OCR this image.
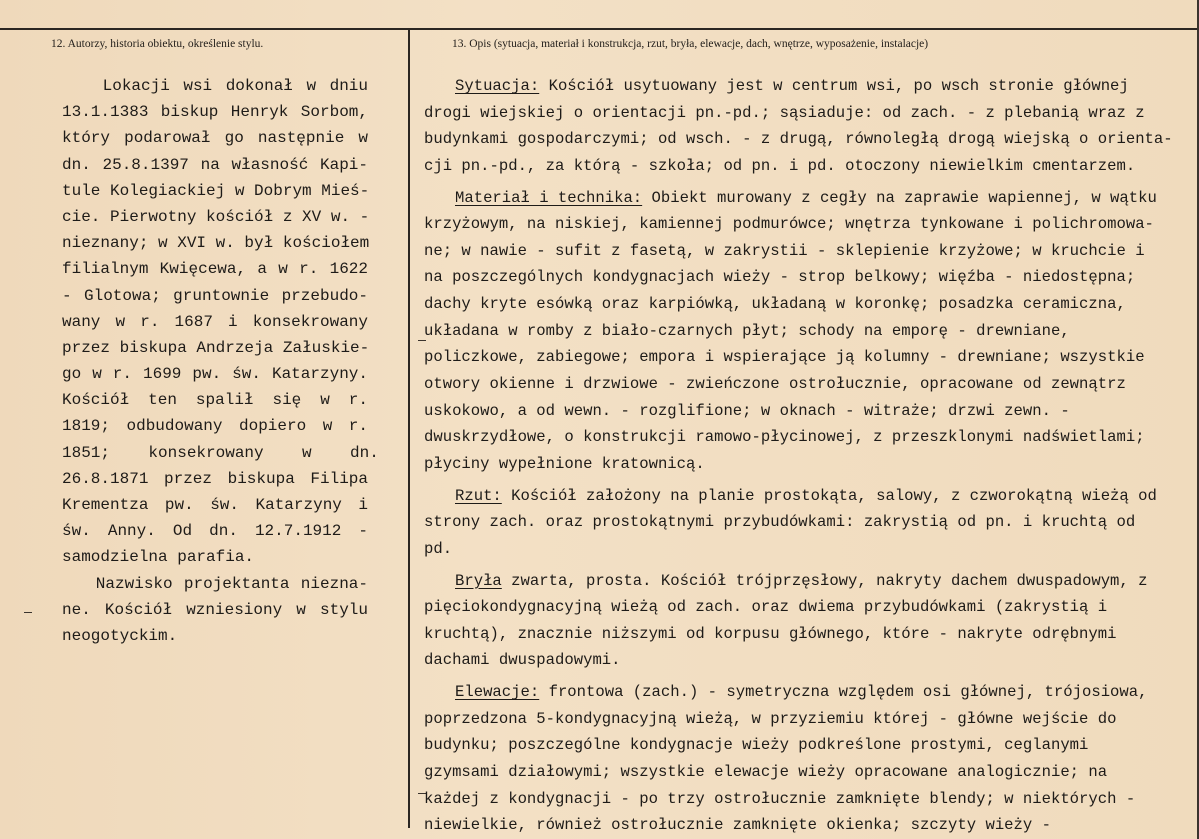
12. Autorzy, historia obiektu, określenie stylu.	13. Opis (sytuacja, materiał i konstrukcja, rzut, bryła, elewacje, dach, wnętrze, wyposażenie, instalacje)
Lokacji wsi dokonał w dniu
13.1.1383 biskup Henryk Sorbom,
który podarował go następnie w
dn. 25.8.1397 na własność Kapi-
tule Kolegiackiej w Dobrym Mieś-
cie. Pierwotny kościół z XV w. -
nieznany; w XVI w. był kościołem
filialnym Kwięcewa, a w r. 1622
- Glotowa; gruntownie przebudo-
wany w r. 1687 i konsekrowany
przez biskupa Andrzeja Załuskie-
go w r. 1699 pw. św. Katarzyny.
Kościół ten spalił się w r.
1819; odbudowany dopiero w r.
1851;    konsekrowany    w    dn.
26.8.1871 przez biskupa Filipa
Krementza pw. św. Katarzyny i
św. Anny. Od dn. 12.7.1912 -
samodzielna parafia.
Nazwisko projektanta niezna-
ne. Kościół wzniesiony w stylu
neogotyckim.
Sytuacja: Kościół usytuowany jest w centrum wsi, po wsch stronie głównej
drogi wiejskiej o orientacji pn.-pd.; sąsiaduje: od zach. - z plebanią wraz z
budynkami gospodarczymi; od wsch. - z drugą, równoległą drogą wiejską o orienta-
cji pn.-pd., za którą - szkoła; od pn. i pd. otoczony niewielkim cmentarzem.
Materiał i technika: Obiekt murowany z cegły na zaprawie wapiennej, w wątku
krzyżowym, na niskiej, kamiennej podmurówce; wnętrza tynkowane i polichromowa-
ne; w nawie - sufit z fasetą, w zakrystii - sklepienie krzyżowe; w kruchcie i
na poszczególnych kondygnacjach wieży - strop belkowy; więźba - niedostępna;
dachy kryte esówką oraz karpiówką, układaną w koronkę; posadzka ceramiczna,
układana w romby z biało-czarnych płyt; schody na emporę - drewniane,
policzkowe, zabiegowe; empora i wspierające ją kolumny - drewniane; wszystkie
otwory okienne i drzwiowe - zwieńczone ostrołucznie, opracowane od zewnątrz
uskokowo, a od wewn. - rozglifione; w oknach - witraże; drzwi zewn. -
dwuskrzydłowe, o konstrukcji ramowo-płycinowej, z przeszklonymi nadświetlami;
płyciny wypełnione kratownicą.
Rzut: Kościół założony na planie prostokąta, salowy, z czworokątną wieżą od
strony zach. oraz prostokątnymi przybudówkami: zakrystią od pn. i kruchtą od
pd.
Bryła zwarta, prosta. Kościół trójprzęsłowy, nakryty dachem dwuspadowym, z
pięciokondygnacyjną wieżą od zach. oraz dwiema przybudówkami (zakrystią i
kruchtą), znacznie niższymi od korpusu głównego, które - nakryte odrębnymi
dachami dwuspadowymi.
Elewacje: frontowa (zach.) - symetryczna względem osi głównej, trójosiowa,
poprzedzona 5-kondygnacyjną wieżą, w przyziemiu której - główne wejście do
budynku; poszczególne kondygnacje wieży podkreślone prostymi, ceglanymi
gzymsami działowymi; wszystkie elewacje wieży opracowane analogicznie; na
każdej z kondygnacji - po trzy ostrołucznie zamknięte blendy; w niektórych -
niewielkie, również ostrołucznie zamknięte okienka; szczyty wieży -
